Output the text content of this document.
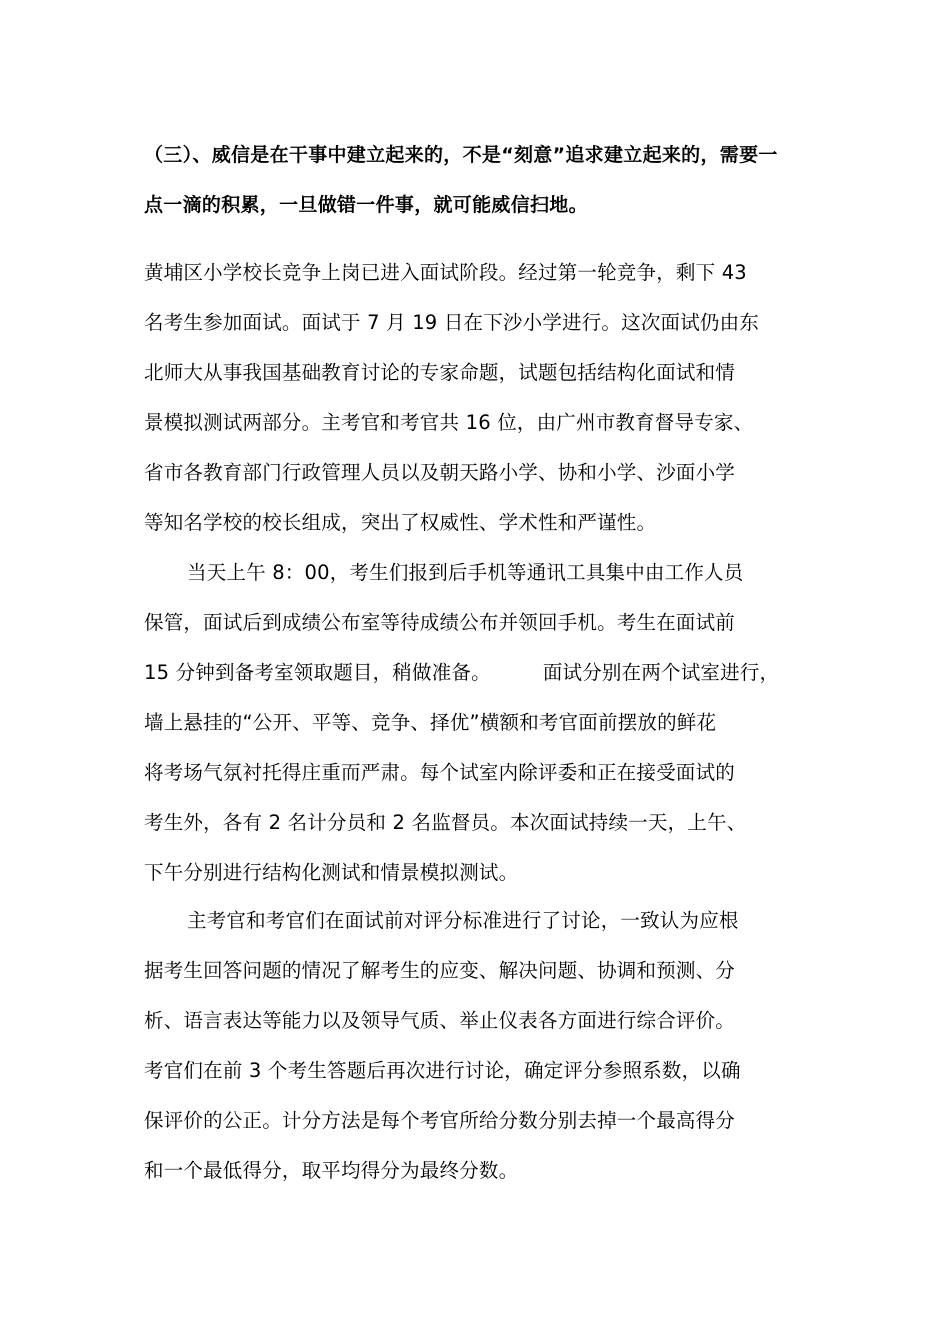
（三）、威信是在干事中建立起来的，不是“刻意”追求建立起来的，需要一
点一滴的积累，一旦做错一件事，就可能威信扫地。
黄埔区小学校长竞争上岗已进入面试阶段。经过第一轮竞争，剩下 43
名考生参加面试。面试于 7 月 19 日在下沙小学进行。这次面试仍由东
北师大从事我国基础教育讨论的专家命题，试题包括结构化面试和情
景模拟测试两部分。主考官和考官共 16 位，由广州市教育督导专家、
省市各教育部门行政管理人员以及朝天路小学、协和小学、沙面小学
等知名学校的校长组成，突出了权威性、学术性和严谨性。
当天上午 8：00，考生们报到后手机等通讯工具集中由工作人员
保管，面试后到成绩公布室等待成绩公布并领回手机。考生在面试前
15 分钟到备考室领取题目，稍做准备。	面试分别在两个试室进行，
墙上悬挂的“公开、平等、竞争、择优”横额和考官面前摆放的鲜花
将考场气氛衬托得庄重而严肃。每个试室内除评委和正在接受面试的
考生外，各有 2 名计分员和 2 名监督员。本次面试持续一天，上午、
下午分别进行结构化测试和情景模拟测试。
主考官和考官们在面试前对评分标准进行了讨论，一致认为应根
据考生回答问题的情况了解考生的应变、解决问题、协调和预测、分
析、语言表达等能力以及领导气质、举止仪表各方面进行综合评价。
考官们在前 3 个考生答题后再次进行讨论，确定评分参照系数，以确
保评价的公正。计分方法是每个考官所给分数分别去掉一个最高得分
和一个最低得分，取平均得分为最终分数。
